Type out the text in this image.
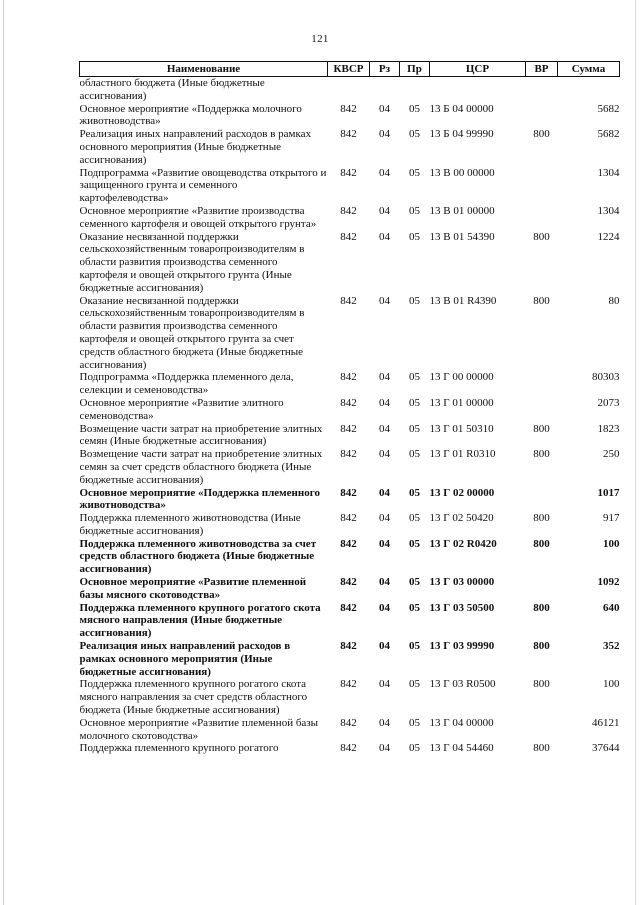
121
Наименование	КВСР	Рз	Пр	ЦСР	ВР	Сумма
областного бюджета (Иные бюджетные ассигнования)						
Основное мероприятие «Поддержка молочного животноводства»	842	04	05	13 Б 04 00000		5682
Реализация иных направлений расходов в рамках основного мероприятия (Иные бюджетные ассигнования)	842	04	05	13 Б 04 99990	800	5682
Подпрограмма «Развитие овощеводства открытого и защищенного грунта и семенного картофелеводства»	842	04	05	13 В 00 00000		1304
Основное мероприятие «Развитие производства семенного картофеля и овощей открытого грунта»	842	04	05	13 В 01 00000		1304
Оказание несвязанной поддержки сельскохозяйственным товаропроизводителям в области развития производства семенного картофеля и овощей открытого грунта (Иные бюджетные ассигнования)	842	04	05	13 В 01 54390	800	1224
Оказание несвязанной поддержки сельскохозяйственным товаропроизводителям в области развития производства семенного картофеля и овощей открытого грунта за счет средств областного бюджета (Иные бюджетные ассигнования)	842	04	05	13 В 01 R4390	800	80
Подпрограмма «Поддержка племенного дела, селекции и семеноводства»	842	04	05	13 Г 00 00000		80303
Основное мероприятие «Развитие элитного семеноводства»	842	04	05	13 Г 01 00000		2073
Возмещение части затрат на приобретение элитных семян (Иные бюджетные ассигнования)	842	04	05	13 Г 01 50310	800	1823
Возмещение части затрат на приобретение элитных семян за счет средств областного бюджета (Иные бюджетные ассигнования)	842	04	05	13 Г 01 R0310	800	250
Основное мероприятие «Поддержка племенного животноводства»	842	04	05	13 Г 02 00000		1017
Поддержка племенного животноводства (Иные бюджетные ассигнования)	842	04	05	13 Г 02 50420	800	917
Поддержка племенного животноводства за счет средств областного бюджета (Иные бюджетные ассигнования)	842	04	05	13 Г 02 R0420	800	100
Основное мероприятие «Развитие племенной базы мясного скотоводства»	842	04	05	13 Г 03 00000		1092
Поддержка племенного крупного рогатого скота мясного направления (Иные бюджетные ассигнования)	842	04	05	13 Г 03 50500	800	640
Реализация иных направлений расходов в рамках основного мероприятия (Иные бюджетные ассигнования)	842	04	05	13 Г 03 99990	800	352
Поддержка племенного крупного рогатого скота мясного направления за счет средств областного бюджета (Иные бюджетные ассигнования)	842	04	05	13 Г 03 R0500	800	100
Основное мероприятие «Развитие племенной базы молочного скотоводства»	842	04	05	13 Г 04 00000		46121
Поддержка племенного крупного рогатого	842	04	05	13 Г 04 54460	800	37644
